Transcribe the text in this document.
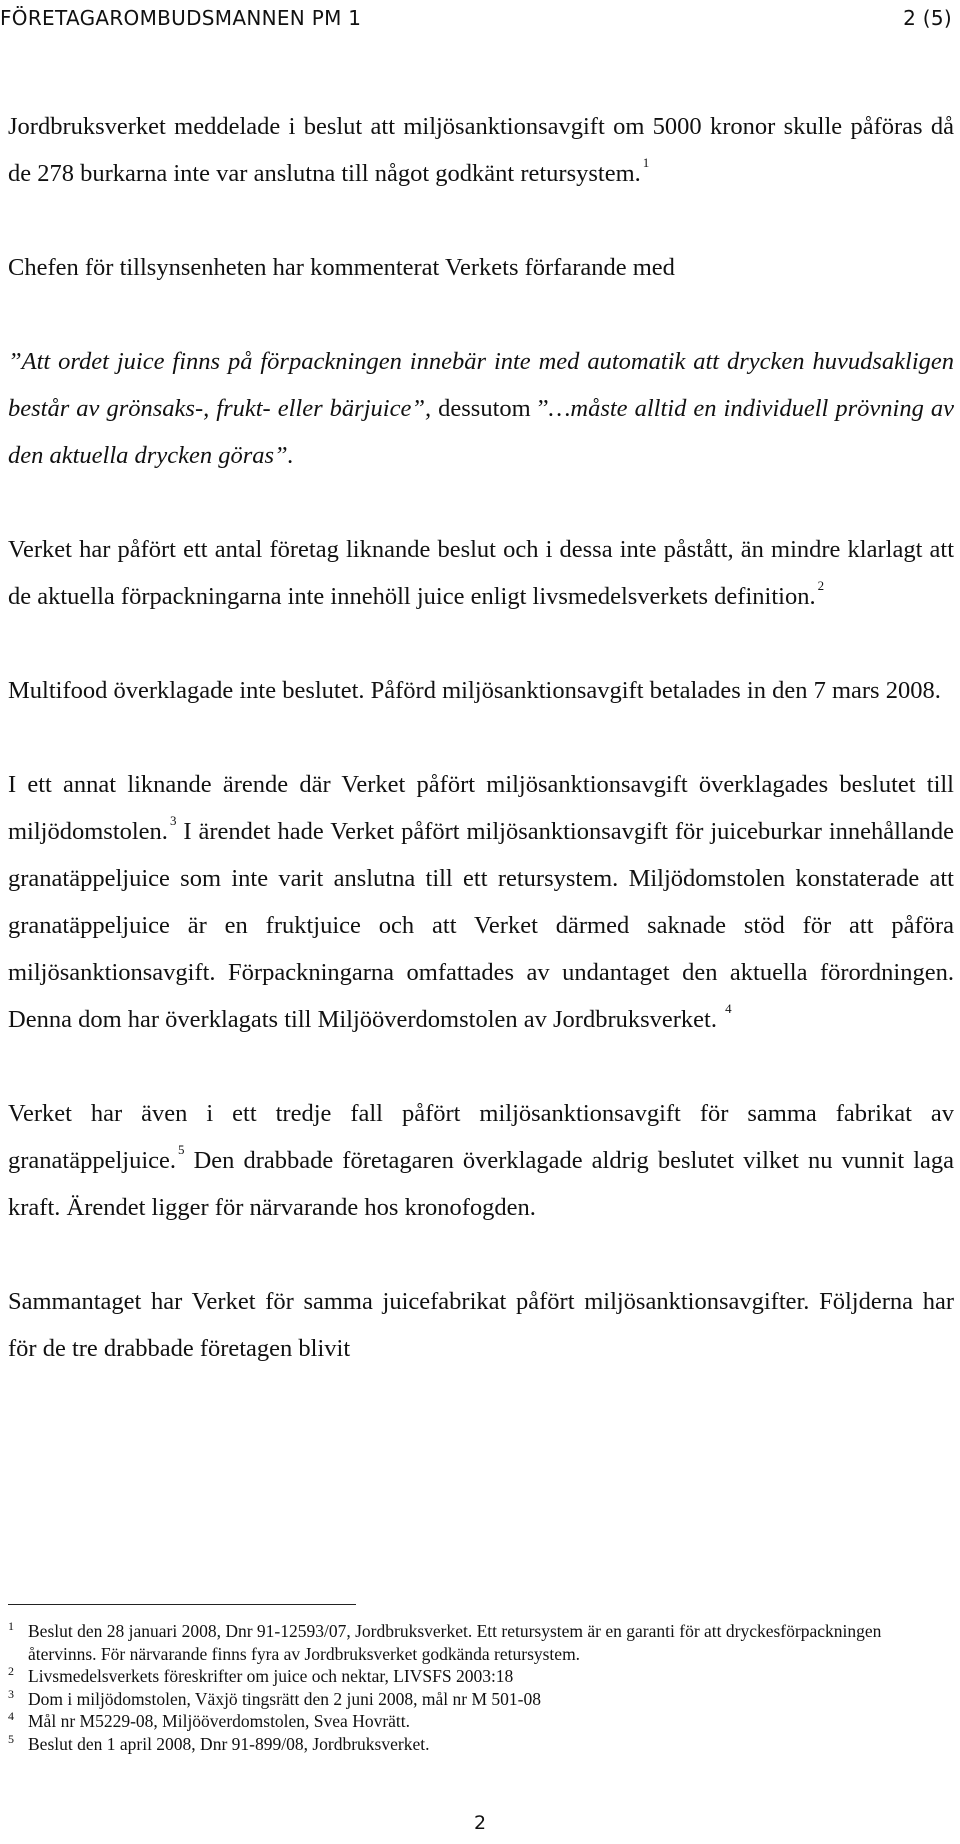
FÖRETAGAROMBUDSMANNEN PM 1	2 (5)

Jordbruksverket meddelade i beslut att miljösanktionsavgift om 5000 kronor skulle påföras då de 278 burkarna inte var anslutna till något godkänt retursystem. $^1$

Chefen för tillsynsenheten har kommenterat Verkets förfarande med

”Att ordet juice finns på förpackningen innebär inte med automatik att drycken huvudsakligen består av grönsaks-, frukt- eller bärjuice”, dessutom ”…måste alltid en individuell prövning av den aktuella drycken göras”.

Verket har påfört ett antal företag liknande beslut och i dessa inte påstått, än mindre klarlagt att de aktuella förpackningarna inte innehöll juice enligt livsmedelsverkets definition. $^2$

Multifood överklagade inte beslutet. Påförd miljösanktionsavgift betalades in den 7 mars 2008.

I ett annat liknande ärende där Verket påfört miljösanktionsavgift överklagades beslutet till miljödomstolen. $^3$ I ärendet hade Verket påfört miljösanktionsavgift för juiceburkar innehållande granatäppeljuice som inte varit anslutna till ett retursystem. Miljödomstolen konstaterade att granatäppeljuice är en fruktjuice och att Verket därmed saknade stöd för att påföra miljösanktionsavgift. Förpackningarna omfattades av undantaget den aktuella förordningen. Denna dom har överklagats till Miljööverdomstolen av Jordbruksverket. $^4$

Verket har även i ett tredje fall påfört miljösanktionsavgift för samma fabrikat av granatäppeljuice. $^5$ Den drabbade företagaren överklagade aldrig beslutet vilket nu vunnit laga kraft. Ärendet ligger för närvarande hos kronofogden.

Sammantaget har Verket för samma juicefabrikat påfört miljösanktionsavgifter. Följderna har för de tre drabbade företagen blivit

1 Beslut den 28 januari 2008, Dnr 91-12593/07, Jordbruksverket. Ett retursystem är en garanti för att dryckesförpackningen återvinns. För närvarande finns fyra av Jordbruksverket godkända retursystem.
2 Livsmedelsverkets föreskrifter om juice och nektar, LIVSFS 2003:18
3 Dom i miljödomstolen, Växjö tingsrätt den 2 juni 2008, mål nr M 501-08
4 Mål nr M5229-08, Miljööverdomstolen, Svea Hovrätt.
5 Beslut den 1 april 2008, Dnr 91-899/08, Jordbruksverket.
2
